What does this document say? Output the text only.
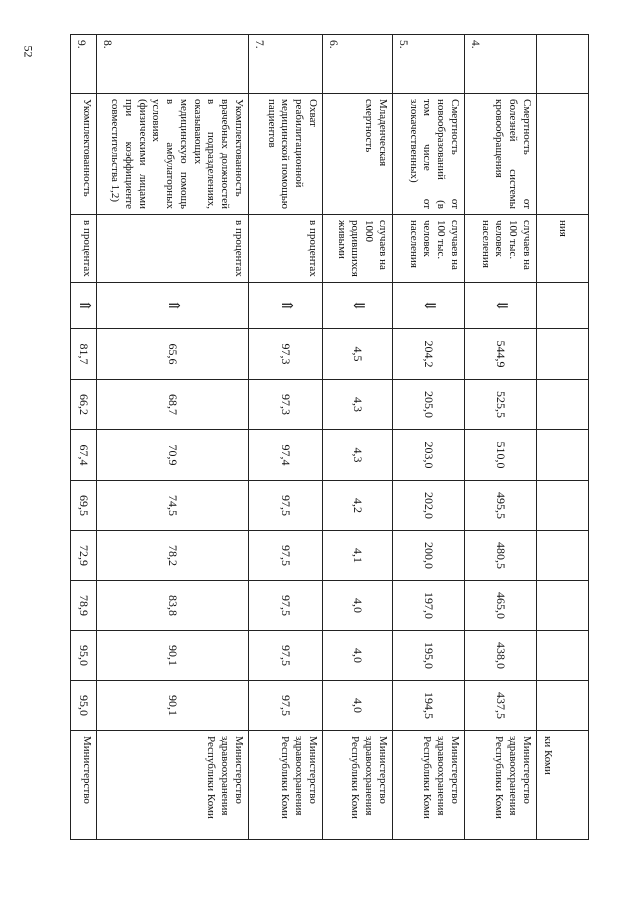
52
		ния										ки Коми
4.	Смертность от болезней системы кровообращения	случаев на 100 тыс. человек населения	⇓	544,9	525,5	510,0	495,5	480,5	465,0	438,0	437,5	Министерство здравоохранения Республики Коми
5.	Смертность от новообразований (в том числе от злокачественных)	случаев на 100 тыс. человек населения	⇓	204,2	205,0	203,0	202,0	200,0	197,0	195,0	194,5	Министерство здравоохранения Республики Коми
6.	Младенческая смертность	случаев на 1000 родившихся живыми	⇓	4,5	4,3	4,3	4,2	4,1	4,0	4,0	4,0	Министерство здравоохранения Республики Коми
7.	Охват реабилитационной медицинской помощью пациентов	в процентах	⇑	97,3	97,3	97,4	97,5	97,5	97,5	97,5	97,5	Министерство здравоохранения Республики Коми
8.	Укомплектованность врачебных должностей в подразделениях, оказывающих медицинскую помощь в амбулаторных условиях (физическими лицами при коэффициенте совместительства 1,2)	в процентах	⇑	65,6	68,7	70,9	74,5	78,2	83,8	90,1	90,1	Министерство здравоохранения Республики Коми
9.	Укомплектованность	в процентах	⇑	81,7	66,2	67,4	69,5	72,9	78,9	95,0	95,0	Министерство
